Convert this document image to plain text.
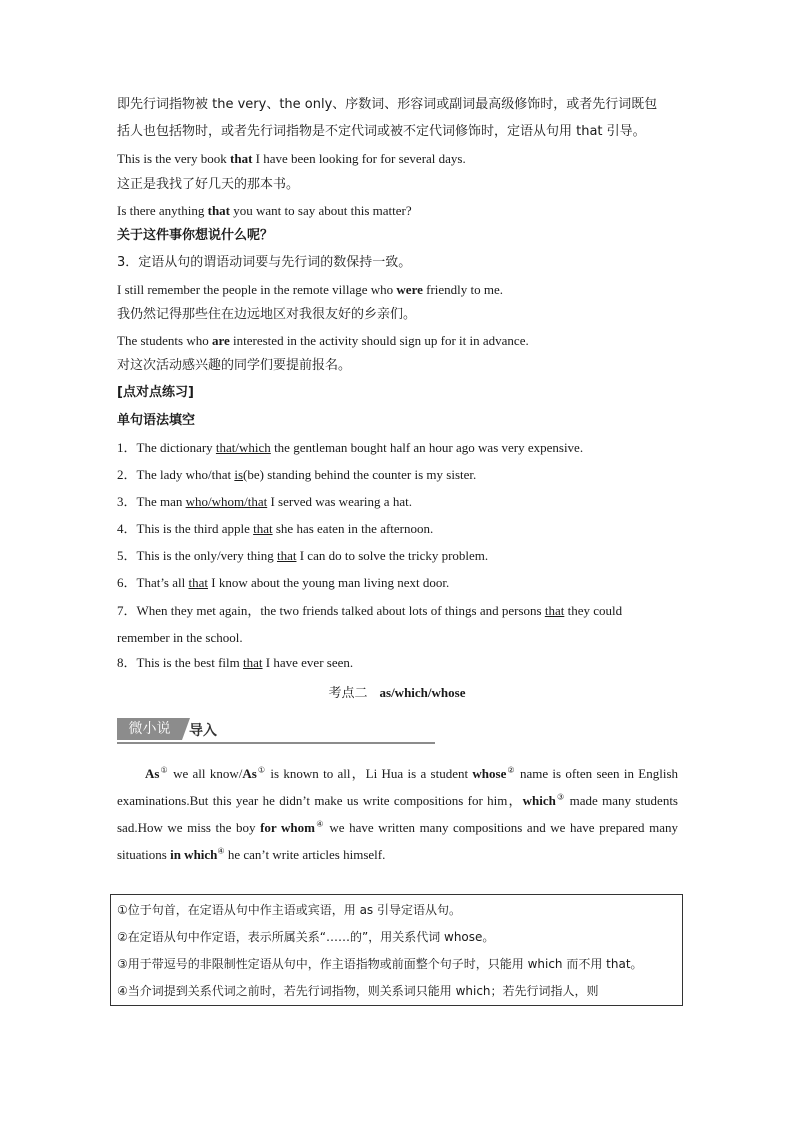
即先行词指物被 the very、the only、序数词、形容词或副词最高级修饰时，或者先行词既包
括人也包括物时，或者先行词指物是不定代词或被不定代词修饰时，定语从句用 that 引导。
This is the very book that I have been looking for for several days.
这正是我找了好几天的那本书。
Is there anything that you want to say about this matter?
关于这件事你想说什么呢？
3．定语从句的谓语动词要与先行词的数保持一致。
I still remember the people in the remote village who were friendly to me.
我仍然记得那些住在边远地区对我很友好的乡亲们。
The students who are interested in the activity should sign up for it in advance.
对这次活动感兴趣的同学们要提前报名。
[点对点练习]
单句语法填空
1．The dictionary that/which the gentleman bought half an hour ago was very expensive.
2．The lady who/that is(be) standing behind the counter is my sister.
3．The man who/whom/that I served was wearing a hat.
4．This is the third apple that she has eaten in the afternoon.
5．This is the only/very thing that I can do to solve the tricky problem.
6．That’s all that I know about the young man living next door.
7．When they met again，the two friends talked about lots of things and persons that they could
remember in the school.
8．This is the best film that I have ever seen.
考点二 as/which/whose
微小说	导入
As① we all know/As① is known to all，Li Hua is a student whose② name is often seen in English examinations.But this year he didn’t make us write compositions for him，which③ made many students sad.How we miss the boy for whom④ we have written many compositions and we have prepared many situations in which④ he can’t write articles himself.
①位于句首，在定语从句中作主语或宾语，用 as 引导定语从句。
②在定语从句中作定语，表示所属关系“……的”，用关系代词 whose。
③用于带逗号的非限制性定语从句中，作主语指物或前面整个句子时，只能用 which 而不用 that。
④当介词提到关系代词之前时，若先行词指物，则关系词只能用 which；若先行词指人，则
